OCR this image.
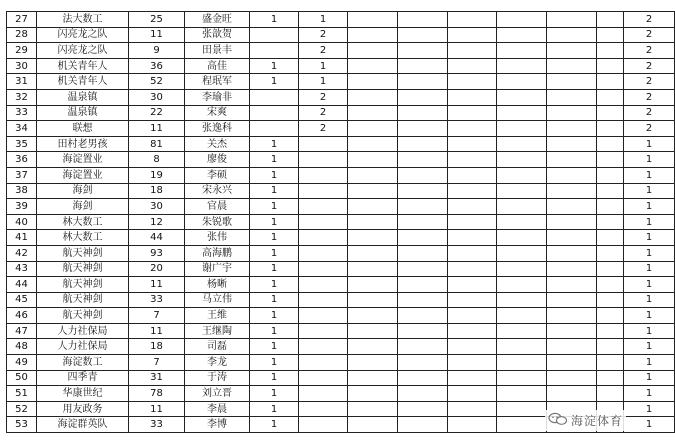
27	法大数工	25	盛金旺	1	1							2
28	闪亮龙之队	11	张歆贺		2							2
29	闪亮龙之队	9	田景丰		2							2
30	机关青年人	36	高佳	1	1							2
31	机关青年人	52	程珉军	1	1							2
32	温泉镇	30	李瑜非		2							2
33	温泉镇	22	宋爽		2							2
34	联想	11	张逸科		2							2
35	田村老男孩	81	关杰	1								1
36	海淀置业	8	廖俊	1								1
37	海淀置业	19	李硕	1								1
38	海剑	18	宋永兴	1								1
39	海剑	30	官晨	1								1
40	林大数工	12	朱锐歌	1								1
41	林大数工	44	张伟	1								1
42	航天神剑	93	高海鹏	1								1
43	航天神剑	20	谢广宇	1								1
44	航天神剑	11	杨晰	1								1
45	航天神剑	33	马立伟	1								1
46	航天神剑	7	王维	1								1
47	人力社保局	11	王继陶	1								1
48	人力社保局	18	司磊	1								1
49	海淀数工	7	李龙	1								1
50	四季青	31	于涛	1								1
51	华康世纪	78	刘立晋	1								1
52	用友政务	11	李晨	1								1
53	海淀群英队	33	李博	1								1
海淀体育
